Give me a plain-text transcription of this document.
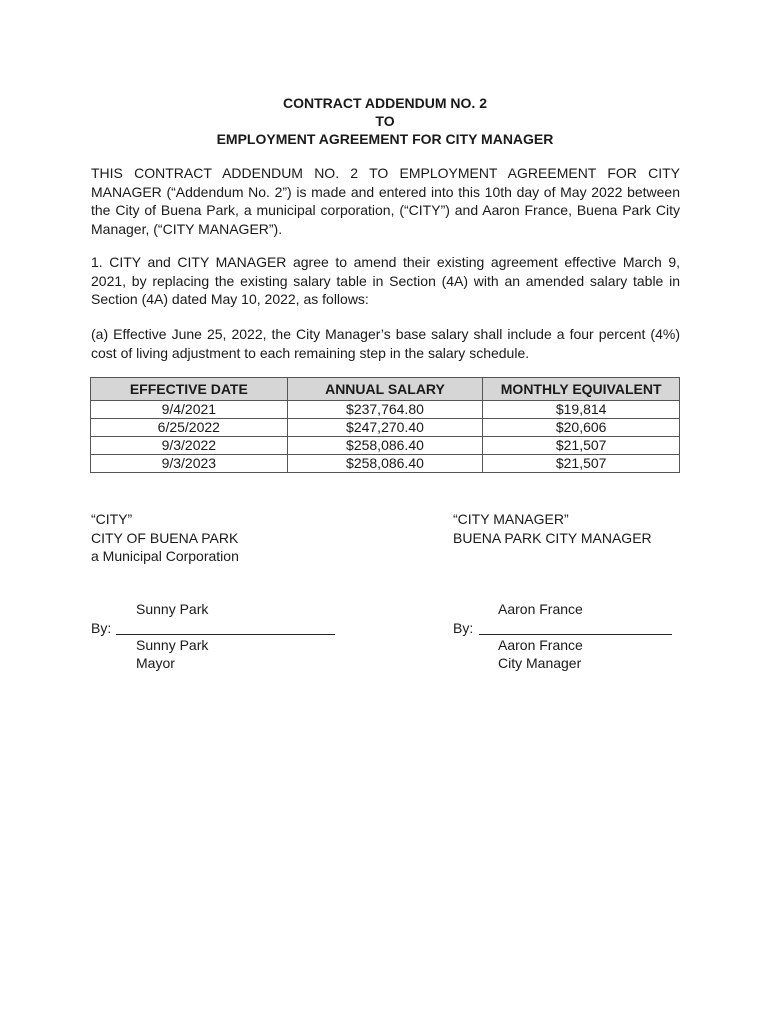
CONTRACT ADDENDUM NO. 2
TO
EMPLOYMENT AGREEMENT FOR CITY MANAGER
THIS CONTRACT ADDENDUM NO. 2 TO EMPLOYMENT AGREEMENT FOR CITY MANAGER (“Addendum No. 2”) is made and entered into this 10th day of May 2022 between the City of Buena Park, a municipal corporation, (“CITY”) and Aaron France, Buena Park City Manager, (“CITY MANAGER”).
1. CITY and CITY MANAGER agree to amend their existing agreement effective March 9, 2021, by replacing the existing salary table in Section (4A) with an amended salary table in Section (4A) dated May 10, 2022, as follows:
(a) Effective June 25, 2022, the City Manager’s base salary shall include a four percent (4%) cost of living adjustment to each remaining step in the salary schedule.
EFFECTIVE DATE	ANNUAL SALARY	MONTHLY EQUIVALENT
9/4/2021	$237,764.80	$19,814
6/25/2022	$247,270.40	$20,606
9/3/2022	$258,086.40	$21,507
9/3/2023	$258,086.40	$21,507
“CITY”
CITY OF BUENA PARK
a Municipal Corporation
“CITY MANAGER”
BUENA PARK CITY MANAGER
Sunny Park	Aaron France
By:	By:
Sunny Park
Mayor
Aaron France
City Manager
